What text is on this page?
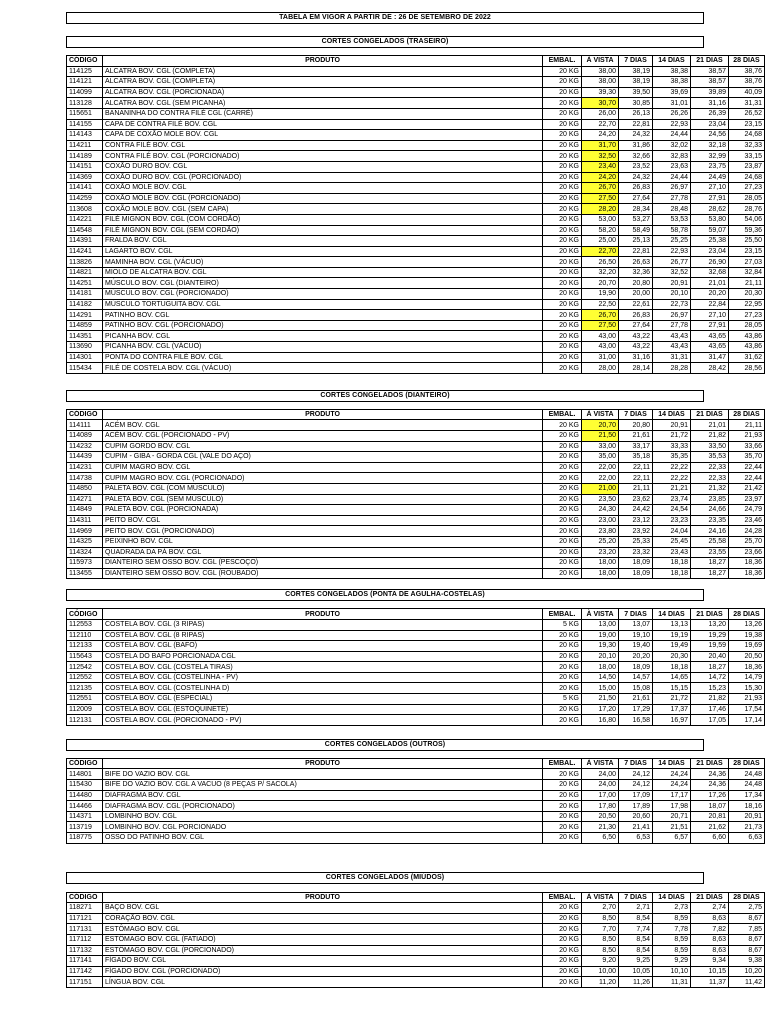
TABELA EM VIGOR A PARTIR DE : 26 DE SETEMBRO DE 2022
CORTES CONGELADOS (TRASEIRO)
CÓDIGO	PRODUTO	EMBAL.	À VISTA	7 DIAS	14 DIAS	21 DIAS	28 DIAS
114125	ALCATRA BOV. CGL (COMPLETA)	20 KG	38,00	38,19	38,38	38,57	38,76
114121	ALCATRA BOV. CGL (COMPLETA)	20 KG	38,00	38,19	38,38	38,57	38,76
114099	ALCATRA BOV. CGL (PORCIONADA)	20 KG	39,30	39,50	39,69	39,89	40,09
113128	ALCATRA BOV. CGL (SEM PICANHA)	20 KG	30,70	30,85	31,01	31,16	31,31
115651	BANANINHA DO CONTRA FILÉ CGL (CARRÉ)	20 KG	26,00	26,13	26,26	26,39	26,52
114155	CAPA DE CONTRA FILÉ BOV. CGL	20 KG	22,70	22,81	22,93	23,04	23,15
114143	CAPA DE COXÃO MOLE BOV. CGL	20 KG	24,20	24,32	24,44	24,56	24,68
114211	CONTRA FILÉ BOV. CGL	20 KG	31,70	31,86	32,02	32,18	32,33
114189	CONTRA FILÉ BOV. CGL (PORCIONADO)	20 KG	32,50	32,66	32,83	32,99	33,15
114151	COXÃO DURO BOV. CGL	20 KG	23,40	23,52	23,63	23,75	23,87
114369	COXÃO DURO BOV. CGL (PORCIONADO)	20 KG	24,20	24,32	24,44	24,49	24,68
114141	COXÃO MOLE BOV. CGL	20 KG	26,70	26,83	26,97	27,10	27,23
114259	COXÃO MOLE BOV. CGL (PORCIONADO)	20 KG	27,50	27,64	27,78	27,91	28,05
113608	COXÃO MOLE BOV. CGL (SEM CAPA)	20 KG	28,20	28,34	28,48	28,62	28,76
114221	FILÉ MIGNON BOV. CGL (COM CORDÃO)	20 KG	53,00	53,27	53,53	53,80	54,06
114548	FILÉ MIGNON BOV. CGL (SEM CORDÃO)	20 KG	58,20	58,49	58,78	59,07	59,36
114391	FRALDA BOV. CGL	20 KG	25,00	25,13	25,25	25,38	25,50
114241	LAGARTO BOV. CGL	20 KG	22,70	22,81	22,93	23,04	23,15
113826	MAMINHA BOV. CGL (VÁCUO)	20 KG	26,50	26,63	26,77	26,90	27,03
114821	MIOLO DE ALCATRA BOV. CGL	20 KG	32,20	32,36	32,52	32,68	32,84
114251	MÚSCULO BOV. CGL (DIANTEIRO)	20 KG	20,70	20,80	20,91	21,01	21,11
114181	MÚSCULO BOV. CGL (PORCIONADO)	20 KG	19,90	20,00	20,10	20,20	20,30
114182	MÚSCULO TORTUGUITA BOV. CGL	20 KG	22,50	22,61	22,73	22,84	22,95
114291	PATINHO BOV. CGL	20 KG	26,70	26,83	26,97	27,10	27,23
114859	PATINHO BOV. CGL (PORCIONADO)	20 KG	27,50	27,64	27,78	27,91	28,05
114351	PICANHA BOV. CGL	20 KG	43,00	43,22	43,43	43,65	43,86
113690	PICANHA BOV. CGL (VÁCUO)	20 KG	43,00	43,22	43,43	43,65	43,86
114301	PONTA DO CONTRA FILÉ BOV. CGL	20 KG	31,00	31,16	31,31	31,47	31,62
115434	FILÉ DE COSTELA BOV. CGL (VÁCUO)	20 KG	28,00	28,14	28,28	28,42	28,56
CORTES CONGELADOS (DIANTEIRO)
CÓDIGO	PRODUTO	EMBAL.	À VISTA	7 DIAS	14 DIAS	21 DIAS	28 DIAS
114111	ACÉM BOV. CGL	20 KG	20,70	20,80	20,91	21,01	21,11
114089	ACÉM BOV. CGL (PORCIONADO - PV)	20 KG	21,50	21,61	21,72	21,82	21,93
114232	CUPIM GORDO BOV. CGL	20 KG	33,00	33,17	33,33	33,50	33,66
114439	CUPIM - GIBA - GORDA CGL (VALE DO AÇO)	20 KG	35,00	35,18	35,35	35,53	35,70
114231	CUPIM MAGRO BOV. CGL	20 KG	22,00	22,11	22,22	22,33	22,44
114738	CUPIM MAGRO BOV. CGL (PORCIONADO)	20 KG	22,00	22,11	22,22	22,33	22,44
114850	PALETA BOV. CGL (COM MÚSCULO)	20 KG	21,00	21,11	21,21	21,32	21,42
114271	PALETA BOV. CGL (SEM MÚSCULO)	20 KG	23,50	23,62	23,74	23,85	23,97
114849	PALETA BOV. CGL (PORCIONADA)	20 KG	24,30	24,42	24,54	24,66	24,79
114311	PEITO BOV. CGL	20 KG	23,00	23,12	23,23	23,35	23,46
114969	PEITO BOV. CGL (PORCIONADO)	20 KG	23,80	23,92	24,04	24,16	24,28
114325	PEIXINHO BOV. CGL	20 KG	25,20	25,33	25,45	25,58	25,70
114324	QUADRADA DA PÁ BOV. CGL	20 KG	23,20	23,32	23,43	23,55	23,66
115973	DIANTEIRO SEM OSSO BOV. CGL (PESCOÇO)	20 KG	18,00	18,09	18,18	18,27	18,36
113455	DIANTEIRO SEM OSSO BOV. CGL (ROUBADO)	20 KG	18,00	18,09	18,18	18,27	18,36
CORTES CONGELADOS (PONTA DE AGULHA-COSTELAS)
CÓDIGO	PRODUTO	EMBAL.	À VISTA	7 DIAS	14 DIAS	21 DIAS	28 DIAS
112553	COSTELA BOV. CGL (3 RIPAS)	5 KG	13,00	13,07	13,13	13,20	13,26
112110	COSTELA BOV. CGL (8 RIPAS)	20 KG	19,00	19,10	19,19	19,29	19,38
112133	COSTELA BOV. CGL (BAFO)	20 KG	19,30	19,40	19,49	19,59	19,69
115643	COSTELA DO BAFO PORCIONADA CGL	20 KG	20,10	20,20	20,30	20,40	20,50
112542	COSTELA BOV. CGL (COSTELA TIRAS)	20 KG	18,00	18,09	18,18	18,27	18,36
112552	COSTELA BOV. CGL (COSTELINHA - PV)	20 KG	14,50	14,57	14,65	14,72	14,79
112135	COSTELA BOV. CGL (COSTELINHA D)	20 KG	15,00	15,08	15,15	15,23	15,30
112551	COSTELA BOV. CGL (ESPECIAL)	5 KG	21,50	21,61	21,72	21,82	21,93
112009	COSTELA BOV. CGL (ESTOQUINETE)	20 KG	17,20	17,29	17,37	17,46	17,54
112131	COSTELA BOV. CGL (PORCIONADO - PV)	20 KG	16,80	16,58	16,97	17,05	17,14
CORTES CONGELADOS (OUTROS)
CÓDIGO	PRODUTO	EMBAL.	À VISTA	7 DIAS	14 DIAS	21 DIAS	28 DIAS
114801	BIFE DO VAZIO BOV. CGL	20 KG	24,00	24,12	24,24	24,36	24,48
115430	BIFE DO VAZIO BOV. CGL A VACUO (8 PEÇAS P/ SACOLA)	20 KG	24,00	24,12	24,24	24,36	24,48
114480	DIAFRAGMA BOV. CGL	20 KG	17,00	17,09	17,17	17,26	17,34
114466	DIAFRAGMA BOV. CGL (PORCIONADO)	20 KG	17,80	17,89	17,98	18,07	18,16
114371	LOMBINHO BOV. CGL	20 KG	20,50	20,60	20,71	20,81	20,91
113719	LOMBINHO BOV. CGL PORCIONADO	20 KG	21,30	21,41	21,51	21,62	21,73
118775	OSSO DO PATINHO BOV. CGL	20 KG	6,50	6,53	6,57	6,60	6,63
CORTES CONGELADOS (MIÚDOS)
CÓDIGO	PRODUTO	EMBAL.	À VISTA	7 DIAS	14 DIAS	21 DIAS	28 DIAS
118271	BAÇO BOV. CGL	20 KG	2,70	2,71	2,73	2,74	2,75
117121	CORAÇÃO BOV. CGL	20 KG	8,50	8,54	8,59	8,63	8,67
117131	ESTÔMAGO BOV. CGL	20 KG	7,70	7,74	7,78	7,82	7,85
117112	ESTÔMAGO BOV. CGL (FATIADO)	20 KG	8,50	8,54	8,59	8,63	8,67
117132	ESTÔMAGO BOV. CGL (PORCIONADO)	20 KG	8,50	8,54	8,59	8,63	8,67
117141	FÍGADO BOV. CGL	20 KG	9,20	9,25	9,29	9,34	9,38
117142	FÍGADO BOV. CGL (PORCIONADO)	20 KG	10,00	10,05	10,10	10,15	10,20
117151	LÍNGUA BOV. CGL	20 KG	11,20	11,26	11,31	11,37	11,42
